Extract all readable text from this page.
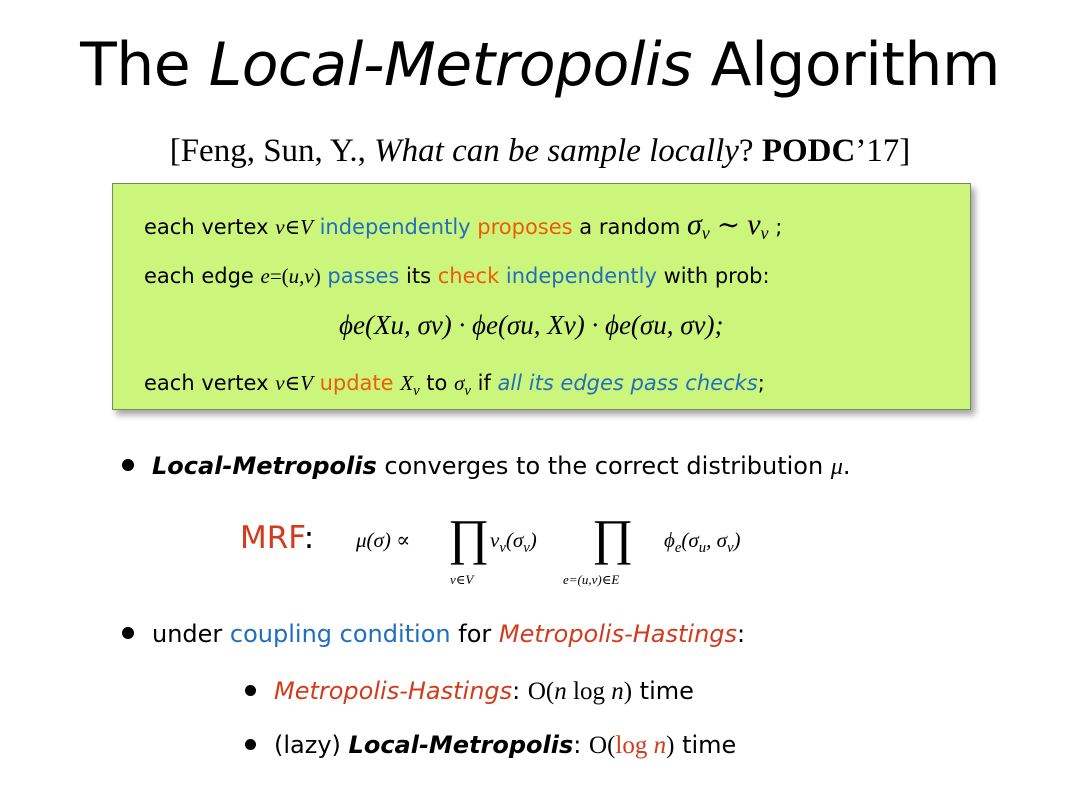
The Local-Metropolis Algorithm
[Feng, Sun, Y., What can be sample locally? PODC’17]
each vertex v∈V independently proposes a random $\sigma_v$ ∼ $\nu_v$ ;
each edge e=(u,v) passes its check independently with prob:
ϕe(Xu, σv) · ϕe(σu, Xv) · ϕe(σu, σv);
each vertex v∈V update $X_v$ to $\sigma_v$ if all its edges pass checks;
Local-Metropolis converges to the correct distribution μ.
MRF: μ(σ) ∝ ∏ $\nu_v(\sigma_v)$
v∈V
∏
e=(u,v)∈E
$\phi_e(\sigma_u$, $\sigma_v$)
under coupling condition for Metropolis-Hastings:
Metropolis-Hastings: O(n log n) time
(lazy) Local-Metropolis: O(log n) time
